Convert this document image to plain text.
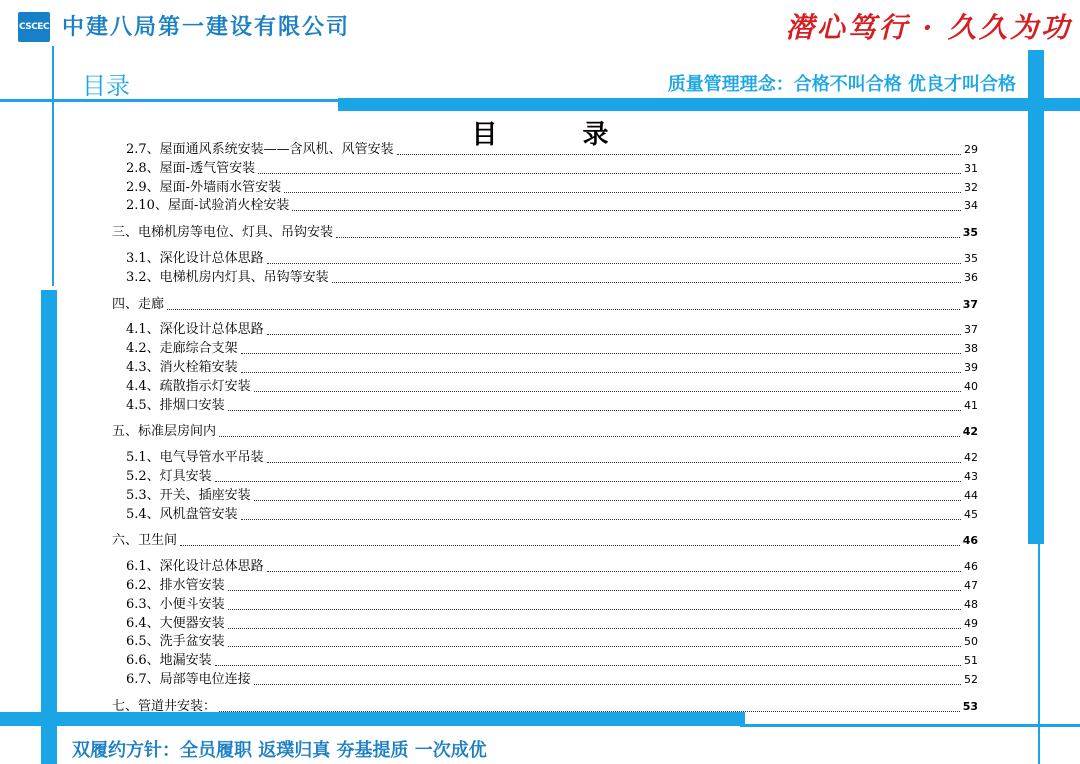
CSCEC 中建八局第一建设有限公司	潜心笃行 · 久久为功
目录	质量管理理念：合格不叫合格 优良才叫合格
目 录
2.7、屋面通风系统安装——含风机、风管安装	29
2.8、屋面-透气管安装	31
2.9、屋面-外墙雨水管安装	32
2.10、屋面-试验消火栓安装	34
三、电梯机房等电位、灯具、吊钩安装	35
3.1、深化设计总体思路	35
3.2、电梯机房内灯具、吊钩等安装	36
四、走廊	37
4.1、深化设计总体思路	37
4.2、走廊综合支架	38
4.3、消火栓箱安装	39
4.4、疏散指示灯安装	40
4.5、排烟口安装	41
五、标准层房间内	42
5.1、电气导管水平吊装	42
5.2、灯具安装	43
5.3、开关、插座安装	44
5.4、风机盘管安装	45
六、卫生间	46
6.1、深化设计总体思路	46
6.2、排水管安装	47
6.3、小便斗安装	48
6.4、大便器安装	49
6.5、洗手盆安装	50
6.6、地漏安装	51
6.7、局部等电位连接	52
七、管道井安装：	53
双履约方针：全员履职 返璞归真 夯基提质 一次成优
